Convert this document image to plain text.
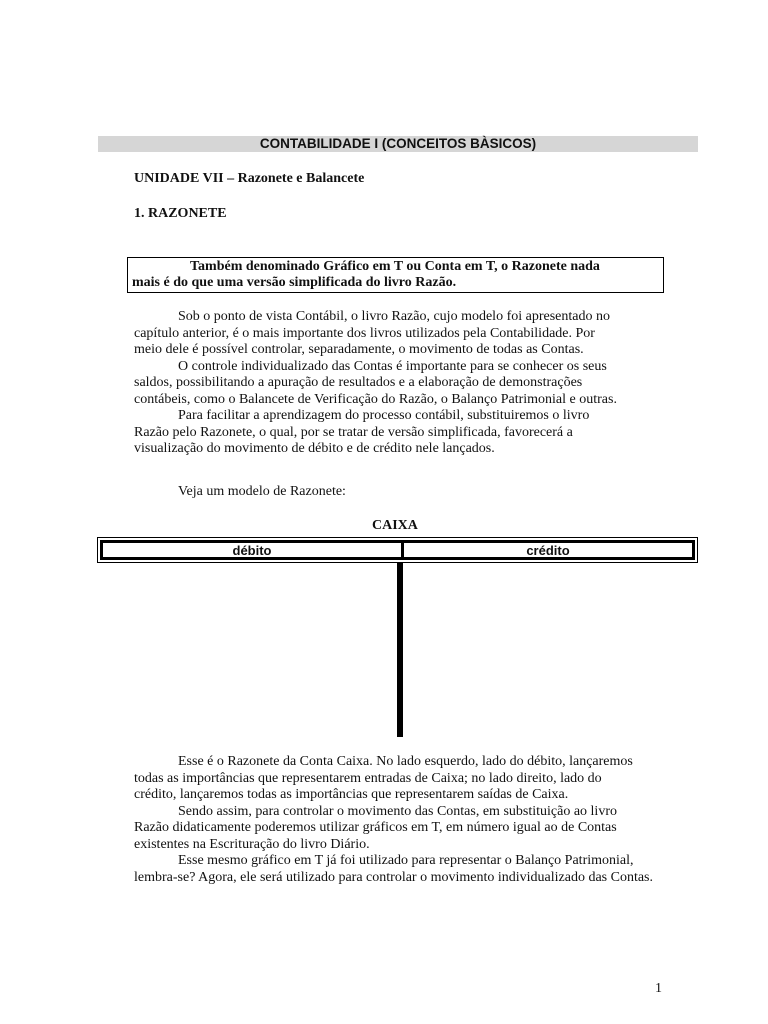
CONTABILIDADE I (CONCEITOS BÀSICOS)
UNIDADE VII – Razonete e Balancete
1. RAZONETE
Também denominado Gráfico em T ou Conta em T, o Razonete nada
mais é do que uma versão simplificada do livro Razão.
Sob o ponto de vista Contábil, o livro Razão, cujo modelo foi apresentado no
capítulo anterior, é o mais importante dos livros utilizados pela Contabilidade. Por
meio dele é possível controlar, separadamente, o movimento de todas as Contas.
O controle individualizado das Contas é importante para se conhecer os seus
saldos, possibilitando a apuração de resultados e a elaboração de demonstrações
contábeis, como o Balancete de Verificação do Razão, o Balanço Patrimonial e outras.
Para facilitar a aprendizagem do processo contábil, substituiremos o livro
Razão pelo Razonete, o qual, por se tratar de versão simplificada, favorecerá a
visualização do movimento de débito e de crédito nele lançados.
Veja um modelo de Razonete:
CAIXA
débito	crédito
Esse é o Razonete da Conta Caixa. No lado esquerdo, lado do débito, lançaremos
todas as importâncias que representarem entradas de Caixa; no lado direito, lado do
crédito, lançaremos todas as importâncias que representarem saídas de Caixa.
Sendo assim, para controlar o movimento das Contas, em substituição ao livro
Razão didaticamente poderemos utilizar gráficos em T, em número igual ao de Contas
existentes na Escrituração do livro Diário.
Esse mesmo gráfico em T já foi utilizado para representar o Balanço Patrimonial,
lembra-se? Agora, ele será utilizado para controlar o movimento individualizado das Contas.
1
